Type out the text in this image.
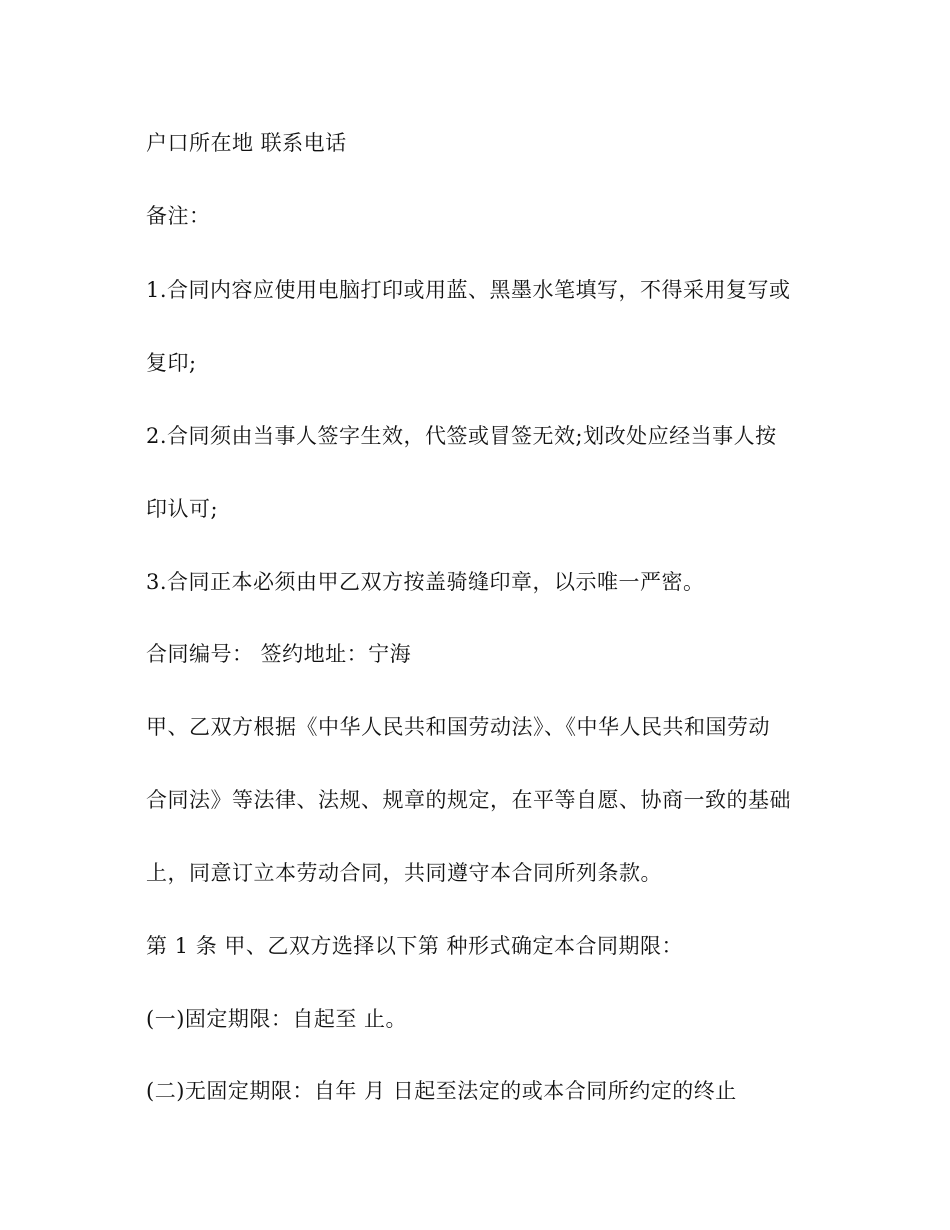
户口所在地 联系电话
备注：
1.合同内容应使用电脑打印或用蓝、黑墨水笔填写，不得采用复写或
复印;
2.合同须由当事人签字生效，代签或冒签无效;划改处应经当事人按
印认可;
3.合同正本必须由甲乙双方按盖骑缝印章，以示唯一严密。
合同编号： 签约地址：宁海
甲、乙双方根据《中华人民共和国劳动法》、《中华人民共和国劳动
合同法》等法律、法规、规章的规定，在平等自愿、协商一致的基础
上，同意订立本劳动合同，共同遵守本合同所列条款。
第 1 条 甲、乙双方选择以下第 种形式确定本合同期限：
(一)固定期限：自起至 止。
(二)无固定期限：自年 月 日起至法定的或本合同所约定的终止
